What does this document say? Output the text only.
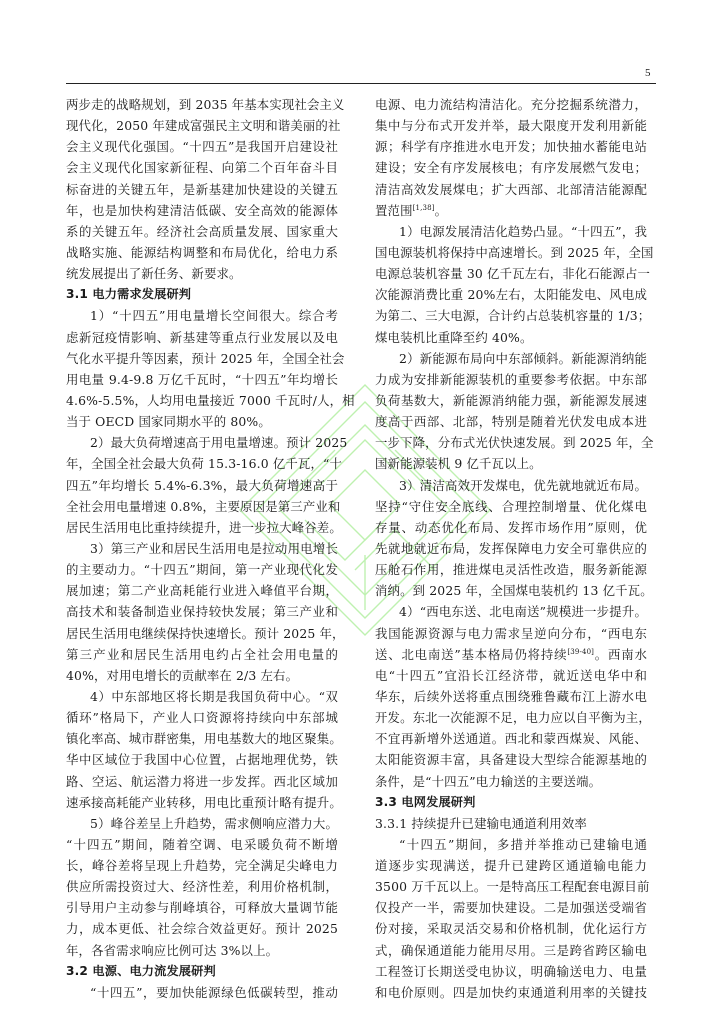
5
两步走的战略规划，到 2035 年基本实现社会主义
现代化，2050 年建成富强民主文明和谐美丽的社
会主义现代化强国。“十四五”是我国开启建设社
会主义现代化国家新征程、向第二个百年奋斗目
标奋进的关键五年，是新基建加快建设的关键五
年，也是加快构建清洁低碳、安全高效的能源体
系的关键五年。经济社会高质量发展、国家重大
战略实施、能源结构调整和布局优化，给电力系
统发展提出了新任务、新要求。
3.1 电力需求发展研判
1）“十四五”用电量增长空间很大。综合考
虑新冠疫情影响、新基建等重点行业发展以及电
气化水平提升等因素，预计 2025 年，全国全社会
用电量 9.4-9.8 万亿千瓦时，“十四五”年均增长
4.6%-5.5%，人均用电量接近 7000 千瓦时/人，相
当于 OECD 国家同期水平的 80%。
2）最大负荷增速高于用电量增速。预计 2025
年，全国全社会最大负荷 15.3-16.0 亿千瓦，“十
四五”年均增长 5.4%-6.3%，最大负荷增速高于
全社会用电量增速 0.8%，主要原因是第三产业和
居民生活用电比重持续提升，进一步拉大峰谷差。
3）第三产业和居民生活用电是拉动用电增长
的主要动力。“十四五”期间，第一产业现代化发
展加速；第二产业高耗能行业进入峰值平台期，
高技术和装备制造业保持较快发展；第三产业和
居民生活用电继续保持快速增长。预计 2025 年，
第三产业和居民生活用电约占全社会用电量的
40%，对用电增长的贡献率在 2/3 左右。
4）中东部地区将长期是我国负荷中心。“双
循环”格局下，产业人口资源将持续向中东部城
镇化率高、城市群密集，用电基数大的地区聚集。
华中区域位于我国中心位置，占据地理优势，铁
路、空运、航运潜力将进一步发挥。西北区域加
速承接高耗能产业转移，用电比重预计略有提升。
5）峰谷差呈上升趋势，需求侧响应潜力大。
“十四五”期间，随着空调、电采暖负荷不断增
长，峰谷差将呈现上升趋势，完全满足尖峰电力
供应所需投资过大、经济性差，利用价格机制，
引导用户主动参与削峰填谷，可释放大量调节能
力，成本更低、社会综合效益更好。预计 2025
年，各省需求响应比例可达 3%以上。
3.2 电源、电力流发展研判
“十四五”，要加快能源绿色低碳转型，推动
电源、电力流结构清洁化。充分挖掘系统潜力，
集中与分布式开发并举，最大限度开发利用新能
源；科学有序推进水电开发；加快抽水蓄能电站
建设；安全有序发展核电；有序发展燃气发电；
清洁高效发展煤电；扩大西部、北部清洁能源配
置范围[1,38]。
1）电源发展清洁化趋势凸显。“十四五”，我
国电源装机将保持中高速增长。到 2025 年，全国
电源总装机容量 30 亿千瓦左右，非化石能源占一
次能源消费比重 20%左右，太阳能发电、风电成
为第二、三大电源，合计约占总装机容量的 1/3；
煤电装机比重降至约 40%。
2）新能源布局向中东部倾斜。新能源消纳能
力成为安排新能源装机的重要参考依据。中东部
负荷基数大，新能源消纳能力强，新能源发展速
度高于西部、北部，特别是随着光伏发电成本进
一步下降，分布式光伏快速发展。到 2025 年，全
国新能源装机 9 亿千瓦以上。
3）清洁高效开发煤电，优先就地就近布局。
坚持“守住安全底线、合理控制增量、优化煤电
存量、动态优化布局、发挥市场作用”原则，优
先就地就近布局，发挥保障电力安全可靠供应的
压舱石作用，推进煤电灵活性改造，服务新能源
消纳。到 2025 年，全国煤电装机约 13 亿千瓦。
4）“西电东送、北电南送”规模进一步提升。
我国能源资源与电力需求呈逆向分布，“西电东
送、北电南送”基本格局仍将持续[39-40]。西南水
电“十四五”宜沿长江经济带，就近送电华中和
华东，后续外送将重点围绕雅鲁藏布江上游水电
开发。东北一次能源不足，电力应以自平衡为主，
不宜再新增外送通道。西北和蒙西煤炭、风能、
太阳能资源丰富，具备建设大型综合能源基地的
条件，是“十四五”电力输送的主要送端。
3.3 电网发展研判
3.3.1 持续提升已建输电通道利用效率
“十四五”期间，多措并举推动已建输电通
道逐步实现满送，提升已建跨区通道输电能力
3500 万千瓦以上。一是特高压工程配套电源目前
仅投产一半，需要加快建设。二是加强送受端省
份对接，采取灵活交易和价格机制，优化运行方
式，确保通道能力能用尽用。三是跨省跨区输电
工程签订长期送受电协议，明确输送电力、电量
和电价原则。四是加快约束通道利用率的关键技
